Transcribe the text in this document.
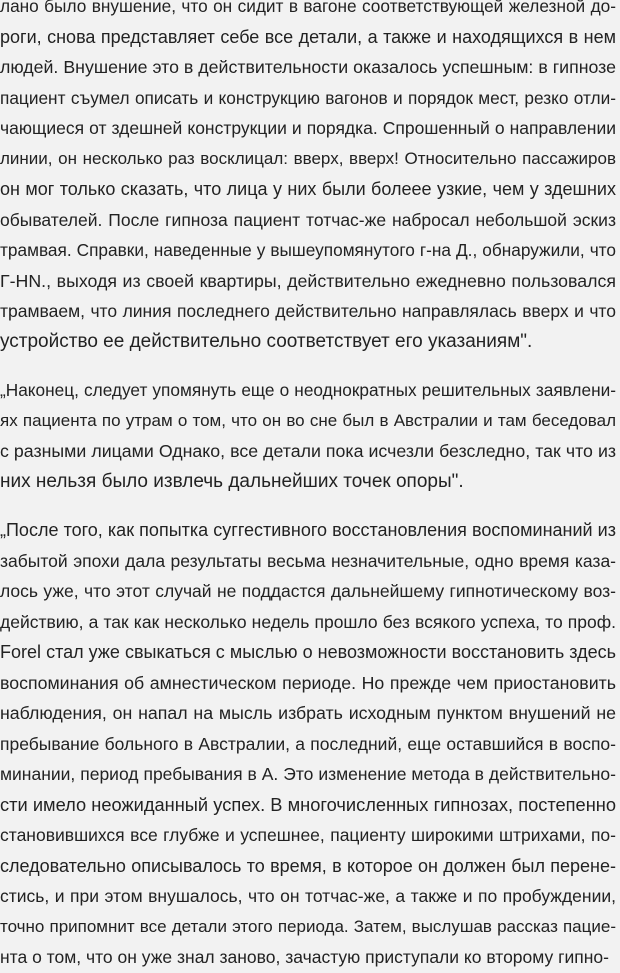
лано было внушение, что он сидит в вагоне соответствующей железной до-
роги, снова представляет себе все детали, а также и находящихся в нем
людей. Внушение это в действительности оказалось успешным: в гипнозе
пациент съумел описать и конструкцию вагонов и порядок мест, резко отли-
чающиеся от здешней конструкции и порядка. Спрошенный о направлении
линии, он несколько раз восклицал: вверх, вверх! Относительно пассажиров
он мог только сказать, что лица у них были болеее узкие, чем у здешних
обывателей. После гипноза пациент тотчас-же набросал небольшой эскиз
трамвая. Справки, наведенные у вышеупомянутого г-на Д., обнаружили, что
Г-HN., выходя из своей квартиры, действительно ежедневно пользовался
трамваем, что линия последнего действительно направлялась вверх и что
устройство ее действительно соответствует его указаниям".
„Наконец, следует упомянуть еще о неоднократных решительных заявлени-
ях пациента по утрам о том, что он во сне был в Австралии и там беседовал
с разными лицами Однако, все детали пока исчезли безследно, так что из
них нельзя было извлечь дальнейших точек опоры".
„После того, как попытка суггестивного восстановления воспоминаний из
забытой эпохи дала результаты весьма незначительные, одно время каза-
лось уже, что этот случай не поддастся дальнейшему гипнотическому воз-
действию, а так как несколько недель прошло без всякого успеха, то проф.
Forel стал уже свыкаться с мыслью о невозможности восстановить здесь
воспоминания об амнестическом периоде. Но прежде чем приостановить
наблюдения, он напал на мысль избрать исходным пунктом внушений не
пребывание больного в Австралии, а последний, еще оставшийся в воспо-
минании, период пребывания в А. Это изменение метода в действительно-
сти имело неожиданный успех. В многочисленных гипнозах, постепенно
становившихся все глубже и успешнее, пациенту широкими штрихами, по-
следовательно описывалось то время, в которое он должен был перене-
стись, и при этом внушалось, что он тотчас-же, а также и по пробуждении,
точно припомнит все детали этого периода. Затем, выслушав рассказ пацие-
нта о том, что он уже знал заново, зачастую приступали ко второму гипно-
